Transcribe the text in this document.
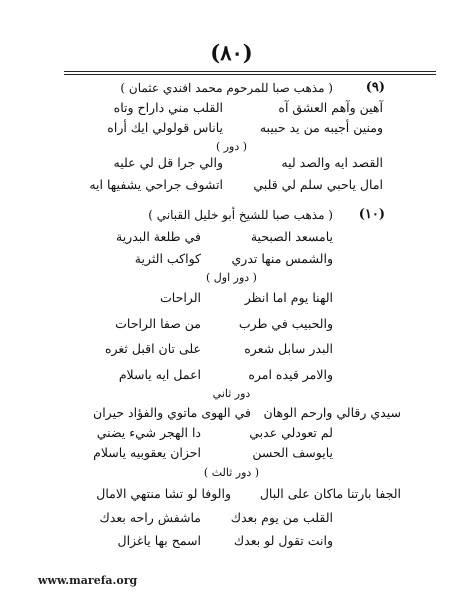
(٨٠)
(٩)
( مذهب صبا للمرحوم محمد افندي عثمان )
آهين وآهم العشق آه
القلب مني داراح وتاه
ومنين أجيبه من يد حبيبه
ياناس قولولي ايك أراه
( دور )
القصد ايه والصد ليه
والي جرا قل لي عليه
امال ياحبي سلم لي قلبي
اتشوف جراحي يشفيها ايه
(١٠)
( مذهب صبا للشيخ أبو خليل القباني )
يامسعد الصبحية
في طلعة البدرية
والشمس منها تدري
كواكب الثرية
( دور اول )
الهنا يوم اما انظر
الراحات
والحبيب في طرب
من صفا الراحات
البدر سابل شعره
على تان اقبل ثغره
والامر قيده امره
اعمل ايه ياسلام
دور ثاني
سيدي رقالي وارحم الوهان
في الهوى ماتوي والفؤاد حيران
لم تعودلي عدبي
دا الهجر شيء يضني
يايوسف الحسن
احزان يعقوبيه ياسلام
( دور ثالث )
الجفا بارتنا ماكان على البال
والوفا لو تشا منتهي الامال
القلب من يوم بعدك
ماشفش راحه بعدك
وانت تقول لو بعدك
اسمح بها ياغزال
www.marefa.org
